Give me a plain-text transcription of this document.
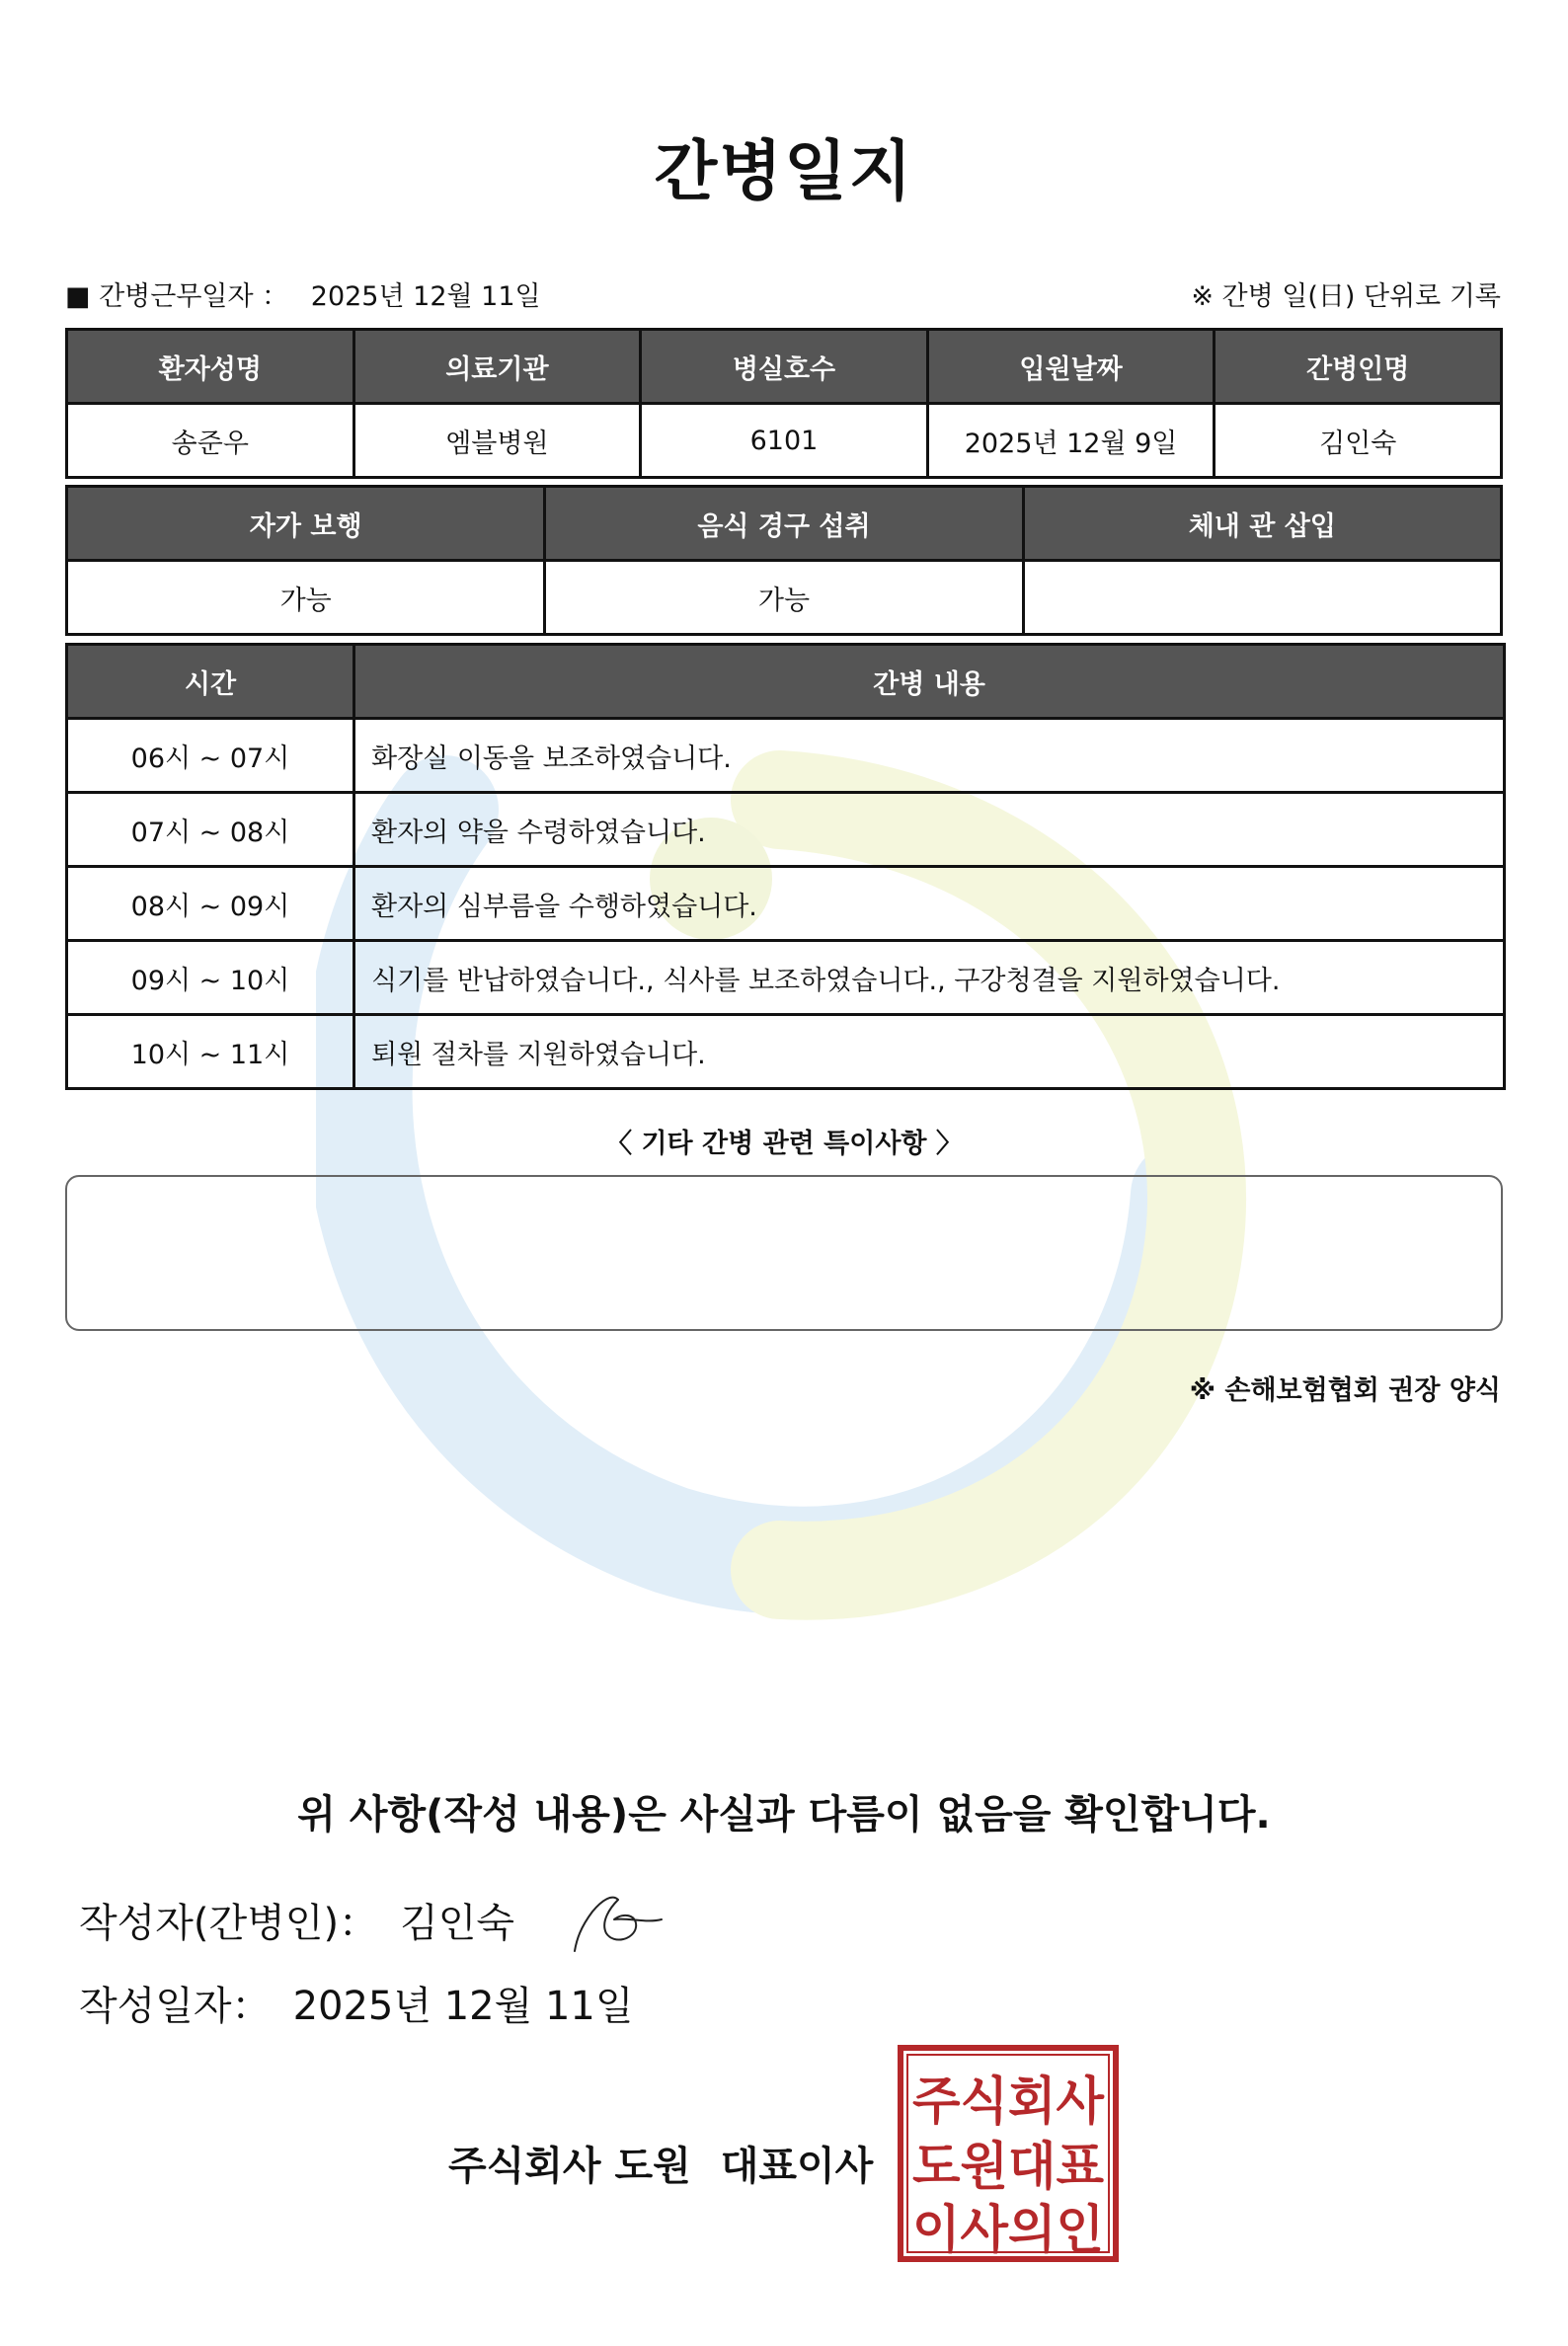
간병일지
■ 간병근무일자 ： 2025년 12월 11일	※ 간병 일(日) 단위로 기록
환자성명	의료기관	병실호수	입원날짜	간병인명
송준우	엠블병원	6101	2025년 12월 9일	김인숙
자가 보행	음식 경구 섭취	체내 관 삽입
가능	가능	
시간	간병 내용
06시 ~ 07시	화장실 이동을 보조하였습니다.
07시 ~ 08시	환자의 약을 수령하였습니다.
08시 ~ 09시	환자의 심부름을 수행하였습니다.
09시 ~ 10시	식기를 반납하였습니다., 식사를 보조하였습니다., 구강청결을 지원하였습니다.
10시 ~ 11시	퇴원 절차를 지원하였습니다.
〈 기타 간병 관련 특이사항 〉
※ 손해보험협회 권장 양식
위 사항(작성 내용)은 사실과 다름이 없음을 확인합니다.
작성자(간병인)： 김인숙
작성일자： 2025년 12월 11일
주식회사 도원 대표이사
주식회사
도원대표
이사의인
